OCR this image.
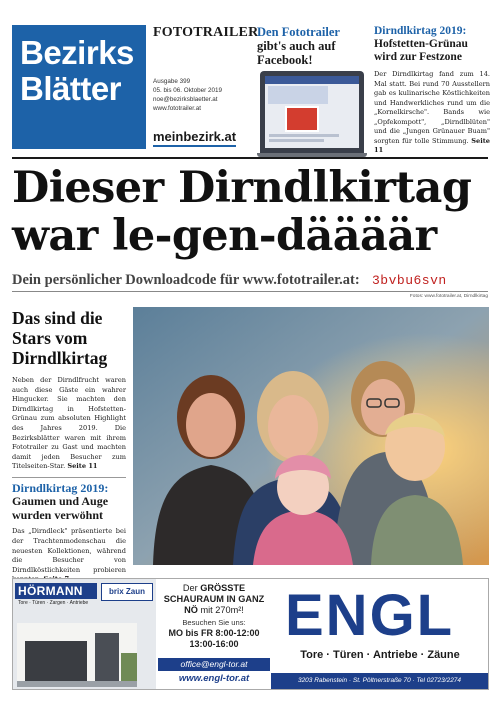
Bezirks
Blätter
FOTOTRAILER
Ausgabe 399
05. bis 06. Oktober 2019
noe@bezirksblaetter.at
www.fototrailer.at
meinbezirk.at
Den Fototrailer
gibt's auch auf Facebook!
Dirndlkirtag 2019: Hofstetten-Grünau wird zur Festzone

Der Dirndlkirtag fand zum 14. Mal statt. Bei rund 70 Ausstellern gab es kulinarische Köstlichkeiten und Handwerkliches rund um die „Kornelkirsche". Bands wie „Opfekompott", „Dirndlblüten" und die „Jungen Grünauer Buam" sorgten für tolle Stimmung. Seite 11

Dieser Dirndlkirtag
war le-gen-däääär
Dein persönlicher Downloadcode für www.fototrailer.at: 3bvbu6svn
Fotos: www.fototrailer.at, Dirndlkirtag
Das sind die Stars vom Dirndlkirtag

Neben der Dirndlfrucht waren auch diese Gäste ein wahrer Hingucker. Sie machten den Dirndlkirtag in Hofstetten-Grünau zum absoluten Highlight des Jahres 2019. Die Bezirksblätter waren mit ihrem Fototrailer zu Gast und machten damit jeden Besucher zum Titelseiten-Star. Seite 11

Dirndlkirtag 2019:
Gaumen und Auge wurden verwöhnt

Das „Dirndleck" präsentierte bei der Trachtenmodenschau die neuesten Kollektionen, während die Besucher von Dirndlköstlichkeiten probieren

HÖRMANN
Tore · Türen · Zargen · Antriebe
brix Zaun	Der GRÖSSTE
SCHAURAUM IN GANZ
NÖ mit 270m²!
Besuchen Sie uns:
MO bis FR 8:00-12:00
13:00-16:00
office@engl-tor.at
www.engl-tor.at
ENGL
Tore · Türen · Antriebe · Zäune
3203 Rabenstein · St. Pöltnerstraße 70 · Tel 02723/2274
